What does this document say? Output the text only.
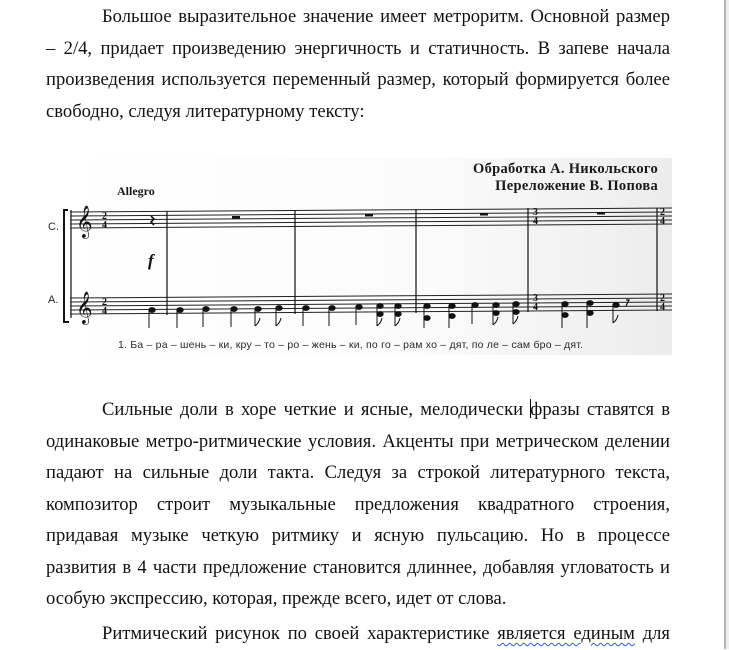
Большое выразительное значение имеет метроритм. Основной размер
– 2/4, придает произведению энергичность и статичность. В запеве начала
произведения используется переменный размер, который формируется более
свободно, следуя литературному тексту:
𝄞
𝄞
2
4
2
4
3
4
3
4
2
4
2
4
Обработка А. Никольского
Переложение В. Попова
Allegro
C.
A.
f
1. Ба – ра – шень – ки, кру – то – ро – жень – ки, по го – рам хо – дят, по ле – сам бро – дят.
Сильные доли в хоре четкие и ясные, мелодически фразы ставятся в
одинаковые метро-ритмические условия. Акценты при метрическом делении
падают на сильные доли такта. Следуя за строкой литературного текста,
композитор строит музыкальные предложения квадратного строения,
придавая музыке четкую ритмику и ясную пульсацию. Но в процессе
развития в 4 части предложение становится длиннее, добавляя угловатость и
особую экспрессию, которая, прежде всего, идет от слова.
Ритмический рисунок по своей характеристике является единым для
